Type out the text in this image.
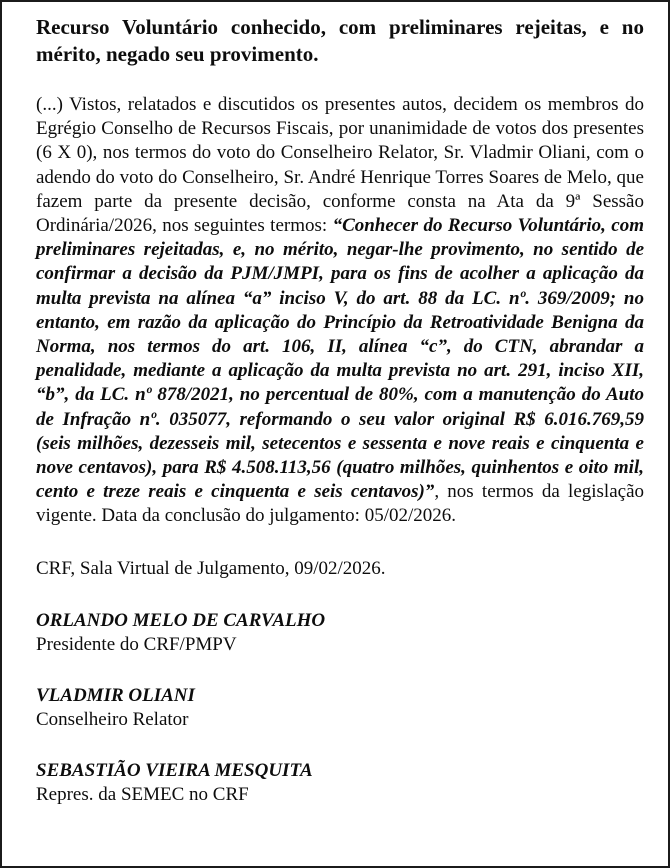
Recurso Voluntário conhecido, com preliminares rejeitas, e no mérito, negado seu provimento.

(...) Vistos, relatados e discutidos os presentes autos, decidem os membros do Egrégio Conselho de Recursos Fiscais, por unanimidade de votos dos presentes (6 X 0), nos termos do voto do Conselheiro Relator, Sr. Vladmir Oliani, com o adendo do voto do Conselheiro, Sr. André Henrique Torres Soares de Melo, que fazem parte da presente decisão, conforme consta na Ata da 9ª Sessão Ordinária/2026, nos seguintes termos: “Conhecer do Recurso Voluntário, com preliminares rejeitadas, e, no mérito, negar-lhe provimento, no sentido de confirmar a decisão da PJM/JMPI, para os fins de acolher a aplicação da multa prevista na alínea “a” inciso V, do art. 88 da LC. nº. 369/2009; no entanto, em razão da aplicação do Princípio da Retroatividade Benigna da Norma, nos termos do art. 106, II, alínea “c”, do CTN, abrandar a penalidade, mediante a aplicação da multa prevista no art. 291, inciso XII, “b”, da LC. nº 878/2021, no percentual de 80%, com a manutenção do Auto de Infração nº. 035077, reformando o seu valor original R$ 6.016.769,59 (seis milhões, dezesseis mil, setecentos e sessenta e nove reais e cinquenta e nove centavos), para R$ 4.508.113,56 (quatro milhões, quinhentos e oito mil, cento e treze reais e cinquenta e seis centavos)”, nos termos da legislação vigente. Data da conclusão do julgamento: 05/02/2026.

CRF, Sala Virtual de Julgamento, 09/02/2026.

ORLANDO MELO DE CARVALHO

Presidente do CRF/PMPV

VLADMIR OLIANI

Conselheiro Relator

SEBASTIÃO VIEIRA MESQUITA

Repres. da SEMEC no CRF
